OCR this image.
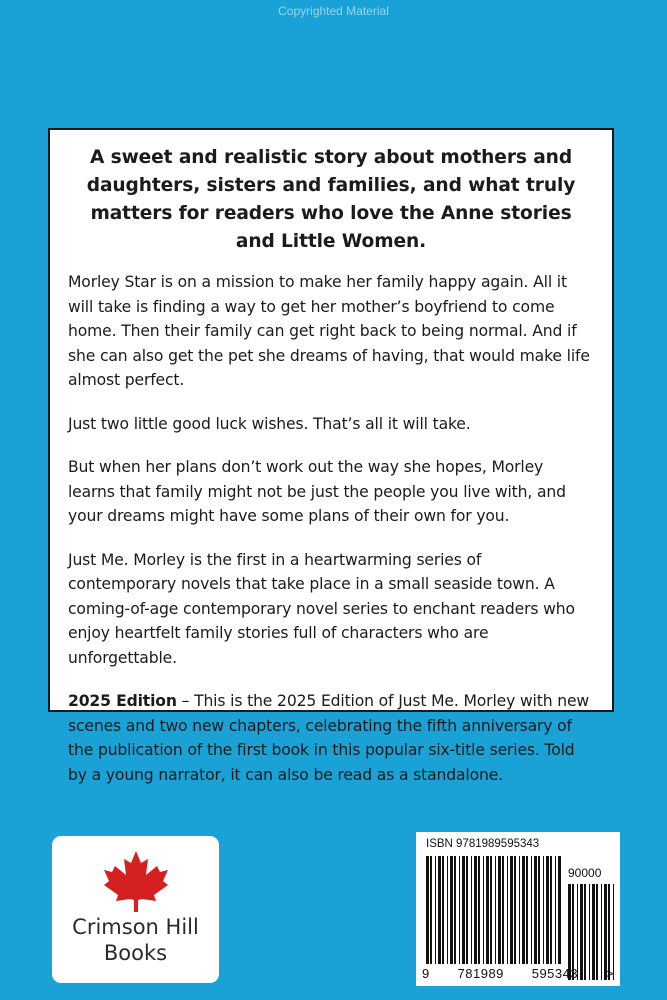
Copyrighted Material

A sweet and realistic story about mothers and daughters, sisters and families, and what truly matters for readers who love the Anne stories and Little Women.

Morley Star is on a mission to make her family happy again. All it will take is finding a way to get her mother’s boyfriend to come home. Then their family can get right back to being normal. And if she can also get the pet she dreams of having, that would make life almost perfect.

Just two little good luck wishes. That’s all it will take.

But when her plans don’t work out the way she hopes, Morley learns that family might not be just the people you live with, and your dreams might have some plans of their own for you.

Just Me. Morley is the first in a heartwarming series of contemporary novels that take place in a small seaside town. A coming-of-age contemporary novel series to enchant readers who enjoy heartfelt family stories full of characters who are unforgettable.

2025 Edition – This is the 2025 Edition of Just Me. Morley with new scenes and two new chapters, celebrating the fifth anniversary of the publication of the first book in this popular six-title series. Told by a young narrator, it can also be read as a standalone.

Crimson Hill
Books
ISBN 9781989595343
90000
9 781989 595343 >
